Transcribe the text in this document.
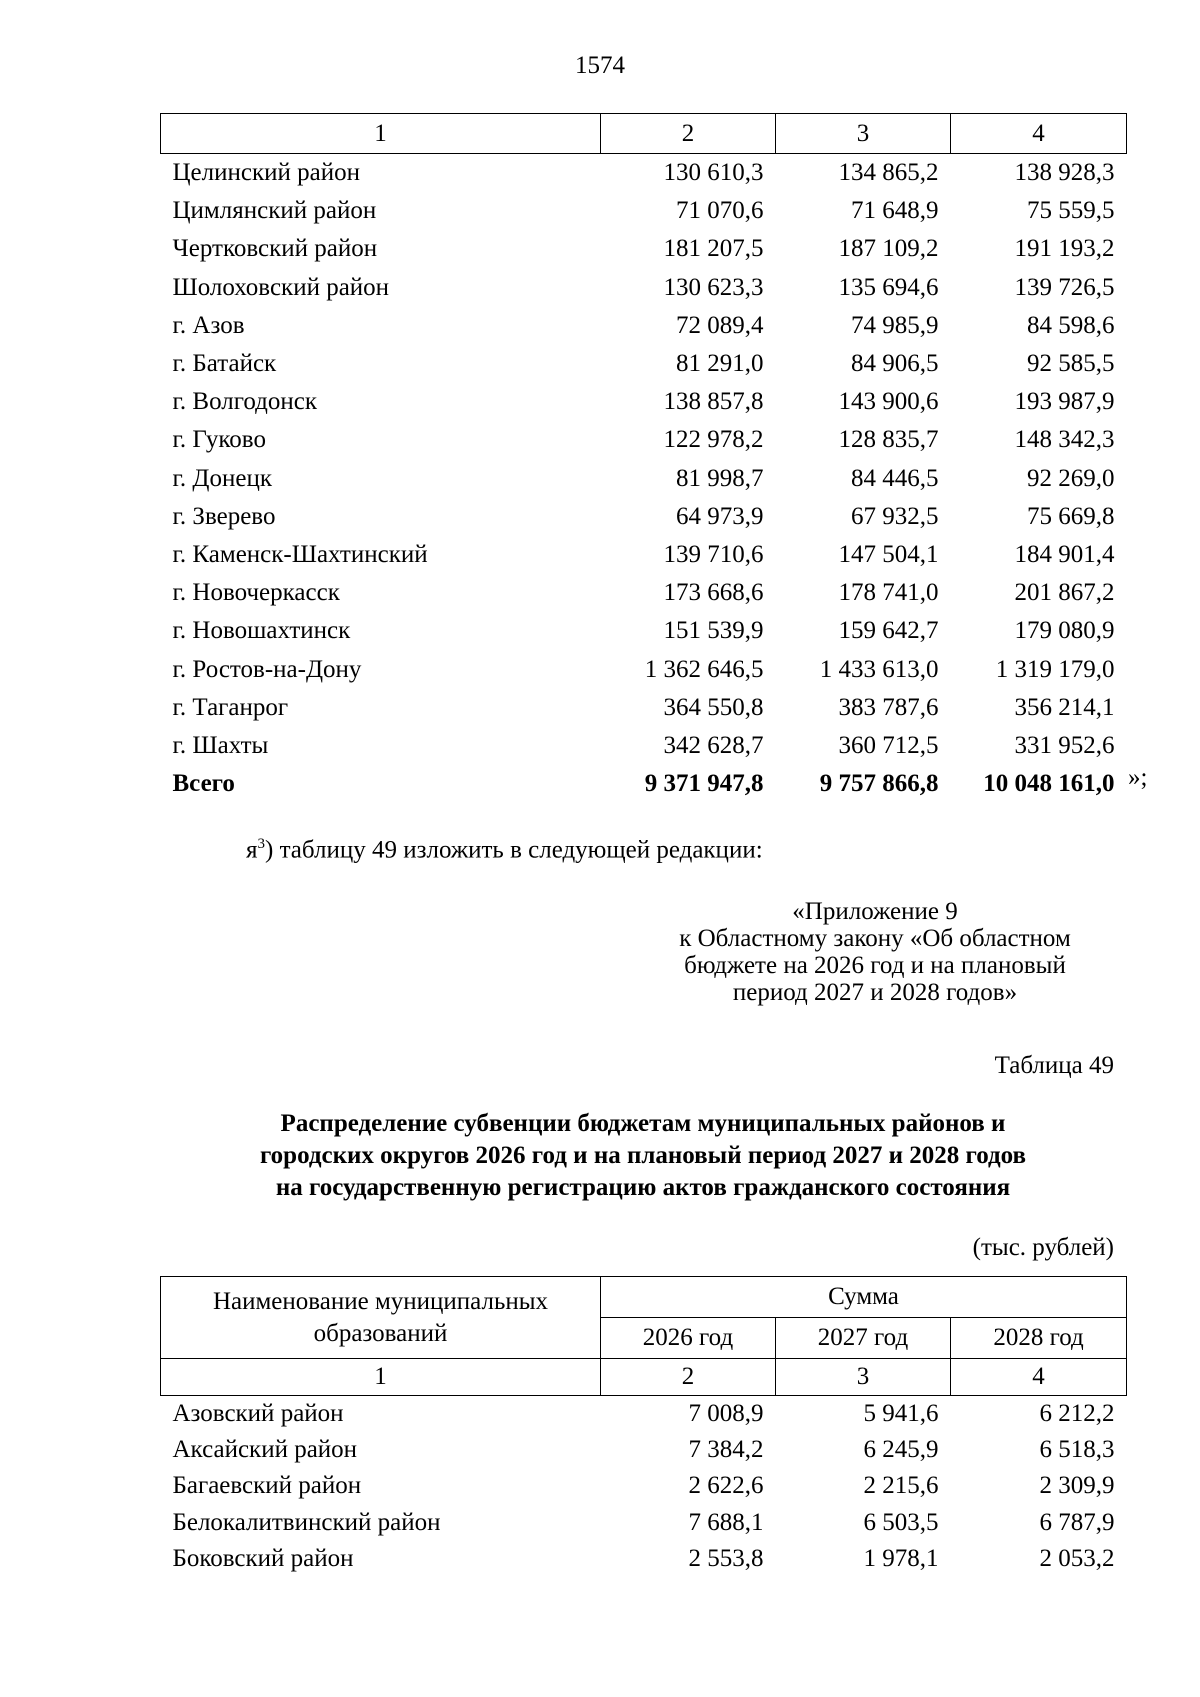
1574
1	2	3	4
Целинский район	130 610,3	134 865,2	138 928,3
Цимлянский район	71 070,6	71 648,9	75 559,5
Чертковский район	181 207,5	187 109,2	191 193,2
Шолоховский район	130 623,3	135 694,6	139 726,5
г. Азов	72 089,4	74 985,9	84 598,6
г. Батайск	81 291,0	84 906,5	92 585,5
г. Волгодонск	138 857,8	143 900,6	193 987,9
г. Гуково	122 978,2	128 835,7	148 342,3
г. Донецк	81 998,7	84 446,5	92 269,0
г. Зверево	64 973,9	67 932,5	75 669,8
г. Каменск-Шахтинский	139 710,6	147 504,1	184 901,4
г. Новочеркасск	173 668,6	178 741,0	201 867,2
г. Новошахтинск	151 539,9	159 642,7	179 080,9
г. Ростов-на-Дону	1 362 646,5	1 433 613,0	1 319 179,0
г. Таганрог	364 550,8	383 787,6	356 214,1
г. Шахты	342 628,7	360 712,5	331 952,6
Всего	9 371 947,8	9 757 866,8	10 048 161,0 »;
$я^3$) таблицу 49 изложить в следующей редакции:
«Приложение 9
к Областному закону «Об областном
бюджете на 2026 год и на плановый
период 2027 и 2028 годов»
Таблица 49
Распределение субвенции бюджетам муниципальных районов и
городских округов 2026 год и на плановый период 2027 и 2028 годов
на государственную регистрацию актов гражданского состояния
(тыс. рублей)
Наименование муниципальных образований	Сумма		
	2026 год	2027 год	2028 год
1	2	3	4
Азовский район	7 008,9	5 941,6	6 212,2
Аксайский район	7 384,2	6 245,9	6 518,3
Багаевский район	2 622,6	2 215,6	2 309,9
Белокалитвинский район	7 688,1	6 503,5	6 787,9
Боковский район	2 553,8	1 978,1	2 053,2
